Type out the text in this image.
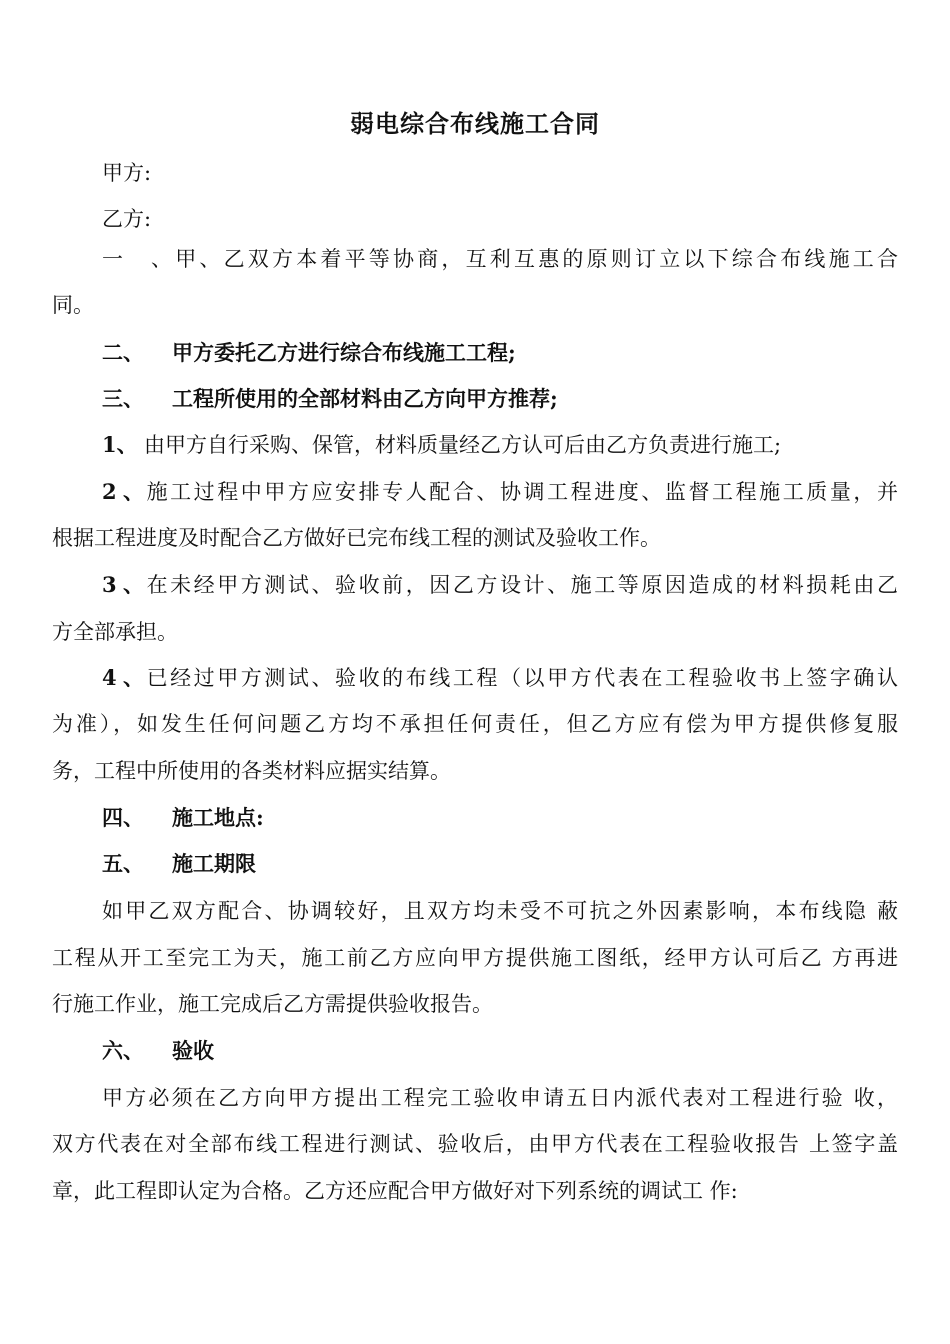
弱电综合布线施工合同
甲方:
乙方:
一、甲、乙双方本着平等协商，互利互惠的原则订立以下综合布线施工合
同。
二、 甲方委托乙方进行综合布线施工工程;
三、 工程所使用的全部材料由乙方向甲方推荐;
1、 由甲方自行采购、保管，材料质量经乙方认可后由乙方负责进行施工;
2、施工过程中甲方应安排专人配合、协调工程进度、监督工程施工质量，并
根据工程进度及时配合乙方做好已完布线工程的测试及验收工作。
3、在未经甲方测试、验收前，因乙方设计、施工等原因造成的材料损耗由乙
方全部承担。
4、已经过甲方测试、验收的布线工程（以甲方代表在工程验收书上签字确认
为准），如发生任何问题乙方均不承担任何责任，但乙方应有偿为甲方提供修复服
务，工程中所使用的各类材料应据实结算。
四、 施工地点:
五、 施工期限
如甲乙双方配合、协调较好，且双方均未受不可抗之外因素影响，本布线隐 蔽
工程从开工至完工为天，施工前乙方应向甲方提供施工图纸，经甲方认可后乙 方再进
行施工作业，施工完成后乙方需提供验收报告。
六、 验收
甲方必须在乙方向甲方提出工程完工验收申请五日内派代表对工程进行验 收，
双方代表在对全部布线工程进行测试、验收后，由甲方代表在工程验收报告 上签字盖
章，此工程即认定为合格。乙方还应配合甲方做好对下列系统的调试工 作:
